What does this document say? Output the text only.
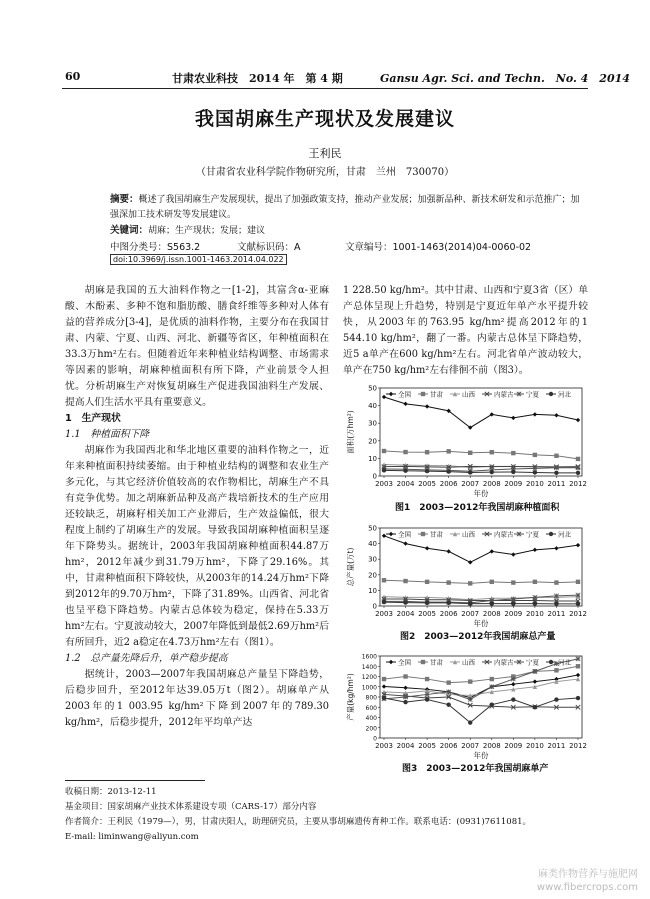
60	甘肃农业科技　2014 年　第 4 期	Gansu Agr. Sci. and Techn.　No. 4　2014
我国胡麻生产现状及发展建议
王利民
（甘肃省农业科学院作物研究所，甘肃　兰州　730070）
摘要：概述了我国胡麻生产发展现状，提出了加强政策支持，推动产业发展；加强新品种、新技术研发和示范推广；加强深加工技术研发等发展建议。
关键词：胡麻；生产现状；发展；建议
中图分类号：S563.2	文献标识码：A	文章编号：1001-1463(2014)04-0060-02
doi:10.3969/j.issn.1001-1463.2014.04.022

胡麻是我国的五大油料作物之一[1-2]，其富含α-亚麻酸、木酚素、多种不饱和脂肪酸、膳食纤维等多种对人体有益的营养成分[3-4]，是优质的油料作物，主要分布在我国甘肃、内蒙、宁夏、山西、河北、新疆等省区，年种植面积在33.3万hm²左右。但随着近年来种植业结构调整、市场需求等因素的影响，胡麻种植面积有所下降，产业前景令人担忧。分析胡麻生产对恢复胡麻生产促进我国油料生产发展、提高人们生活水平具有重要意义。

1　生产现状

1.1　种植面积下降

胡麻作为我国西北和华北地区重要的油料作物之一，近年来种植面积持续萎缩。由于种植业结构的调整和农业生产多元化，与其它经济价值较高的农作物相比，胡麻生产不具有竞争优势。加之胡麻新品种及高产栽培新技术的生产应用还较缺乏，胡麻籽相关加工产业滞后，生产效益偏低，很大程度上制约了胡麻生产的发展。导致我国胡麻种植面积呈逐年下降势头。据统计，2003年我国胡麻种植面积44.87万hm²，2012年减少到31.79万hm²，下降了29.16%。其中，甘肃种植面积下降较快，从2003年的14.24万hm²下降到2012年的9.70万hm²，下降了31.89%。山西省、河北省也呈平稳下降趋势。内蒙古总体较为稳定，保持在5.33万hm²左右。宁夏波动较大，2007年降低到最低2.69万hm²后有所回升，近2 a稳定在4.73万hm²左右（图1）。

1.2　总产量先降后升，单产稳步提高

据统计，2003—2007年我国胡麻总产量呈下降趋势，后稳步回升，至2012年达39.05万t（图2）。胡麻单产从2003年的1 003.95 kg/hm²下降到2007年的789.30 kg/hm²，后稳步提升，2012年平均单产达

1 228.50 kg/hm²。其中甘肃、山西和宁夏3省（区）单产总体呈现上升趋势，特别是宁夏近年单产水平提升较快，从2003年的763.95 kg/hm²提高2012年的1 544.10 kg/hm²，翻了一番。内蒙古总体呈下降趋势，近5 a单产在600 kg/hm²左右。河北省单产波动较大，单产在750 kg/hm²左右徘徊不前（图3）。

0
10
20
30
40
50
2003 2004 2005 2006 2007 2008 2009 2010 2011 2012
年份
面积(万hm²)
全国	甘肃	山西	内蒙古 宁夏	河北
图1　2003—2012年我国胡麻种植面积
0
10
20
30
40
50
2003 2004 2005 2006 2007 2008 2009 2010 2011 2012
年份
总产量(万t)
全国	甘肃	山西	内蒙古 宁夏	河北
图2　2003—2012年我国胡麻总产量
0
200
400
600
800
1000
1200
1400
1600
2003 2004 2005 2006 2007 2008 2009 2010 2011 2012
年份
产量(kg/hm²)
全国	甘肃	山西	内蒙古 宁夏	河北
图3　2003—2012年我国胡麻单产
收稿日期：2013-12-11
基金项目：国家胡麻产业技术体系建设专项（CARS-17）部分内容
作者简介：王利民（1979—），男，甘肃庆阳人，助理研究员，主要从事胡麻遗传育种工作。联系电话：(0931)7611081。
E-mail: liminwang@aliyun.com
麻类作物营养与施肥网
www.fibercrops.com
